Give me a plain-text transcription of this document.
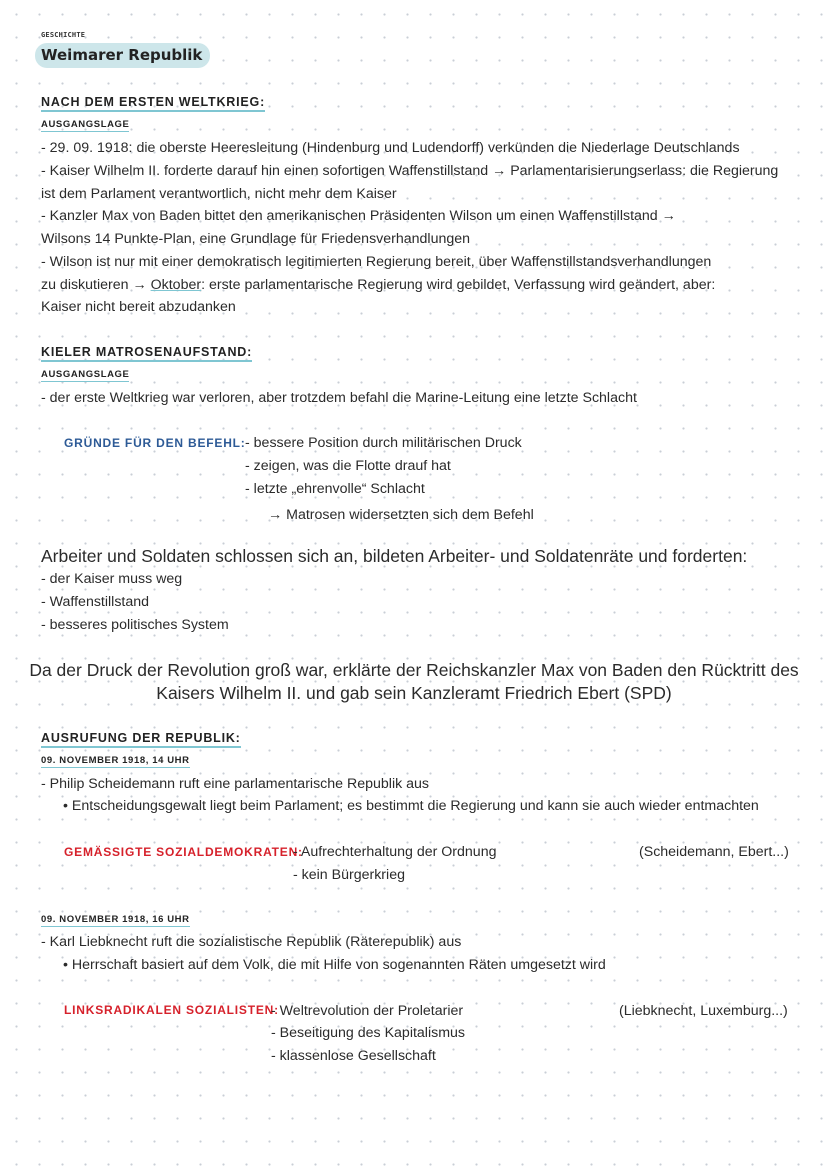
GESCHICHTE
Weimarer Republik
NACH DEM ERSTEN WELTKRIEG:
AUSGANGSLAGE
- 29. 09. 1918: die oberste Heeresleitung (Hindenburg und Ludendorff) verkünden die Niederlage Deutschlands
- Kaiser Wilhelm II. forderte darauf hin einen sofortigen Waffenstillstand → Parlamentarisierungserlass: die Regierung
ist dem Parlament verantwortlich, nicht mehr dem Kaiser
- Kanzler Max von Baden bittet den amerikanischen Präsidenten Wilson um einen Waffenstillstand →
Wilsons 14 Punkte-Plan, eine Grundlage für Friedensverhandlungen
- Wilson ist nur mit einer demokratisch legitimierten Regierung bereit, über Waffenstillstandsverhandlungen
zu diskutieren → Oktober: erste parlamentarische Regierung wird gebildet, Verfassung wird geändert, aber:
Kaiser nicht bereit abzudanken
KIELER MATROSENAUFSTAND:
AUSGANGSLAGE
- der erste Weltkrieg war verloren, aber trotzdem befahl die Marine-Leitung eine letzte Schlacht
GRÜNDE FÜR DEN BEFEHL: - bessere Position durch militärischen Druck
- zeigen, was die Flotte drauf hat
- letzte „ehrenvolle“ Schlacht
→ Matrosen widersetzten sich dem Befehl
Arbeiter und Soldaten schlossen sich an, bildeten Arbeiter- und Soldatenräte und forderten:
- der Kaiser muss weg
- Waffenstillstand
- besseres politisches System
Da der Druck der Revolution groß war, erklärte der Reichskanzler Max von Baden den Rücktritt des
Kaisers Wilhelm II. und gab sein Kanzleramt Friedrich Ebert (SPD)
AUSRUFUNG DER REPUBLIK:
09. NOVEMBER 1918, 14 UHR
- Philip Scheidemann ruft eine parlamentarische Republik aus
• Entscheidungsgewalt liegt beim Parlament; es bestimmt die Regierung und kann sie auch wieder entmachten
GEMÄSSIGTE SOZIALDEMOKRATEN:
- Aufrechterhaltung der Ordnung
- kein Bürgerkrieg
(Scheidemann, Ebert...)
09. NOVEMBER 1918, 16 UHR
- Karl Liebknecht ruft die sozialistische Republik (Räterepublik) aus
• Herrschaft basiert auf dem Volk, die mit Hilfe von sogenannten Räten umgesetzt wird
LINKSRADIKALEN SOZIALISTEN:
- Weltrevolution der Proletarier
- Beseitigung des Kapitalismus
- klassenlose Gesellschaft
(Liebknecht, Luxemburg...)
